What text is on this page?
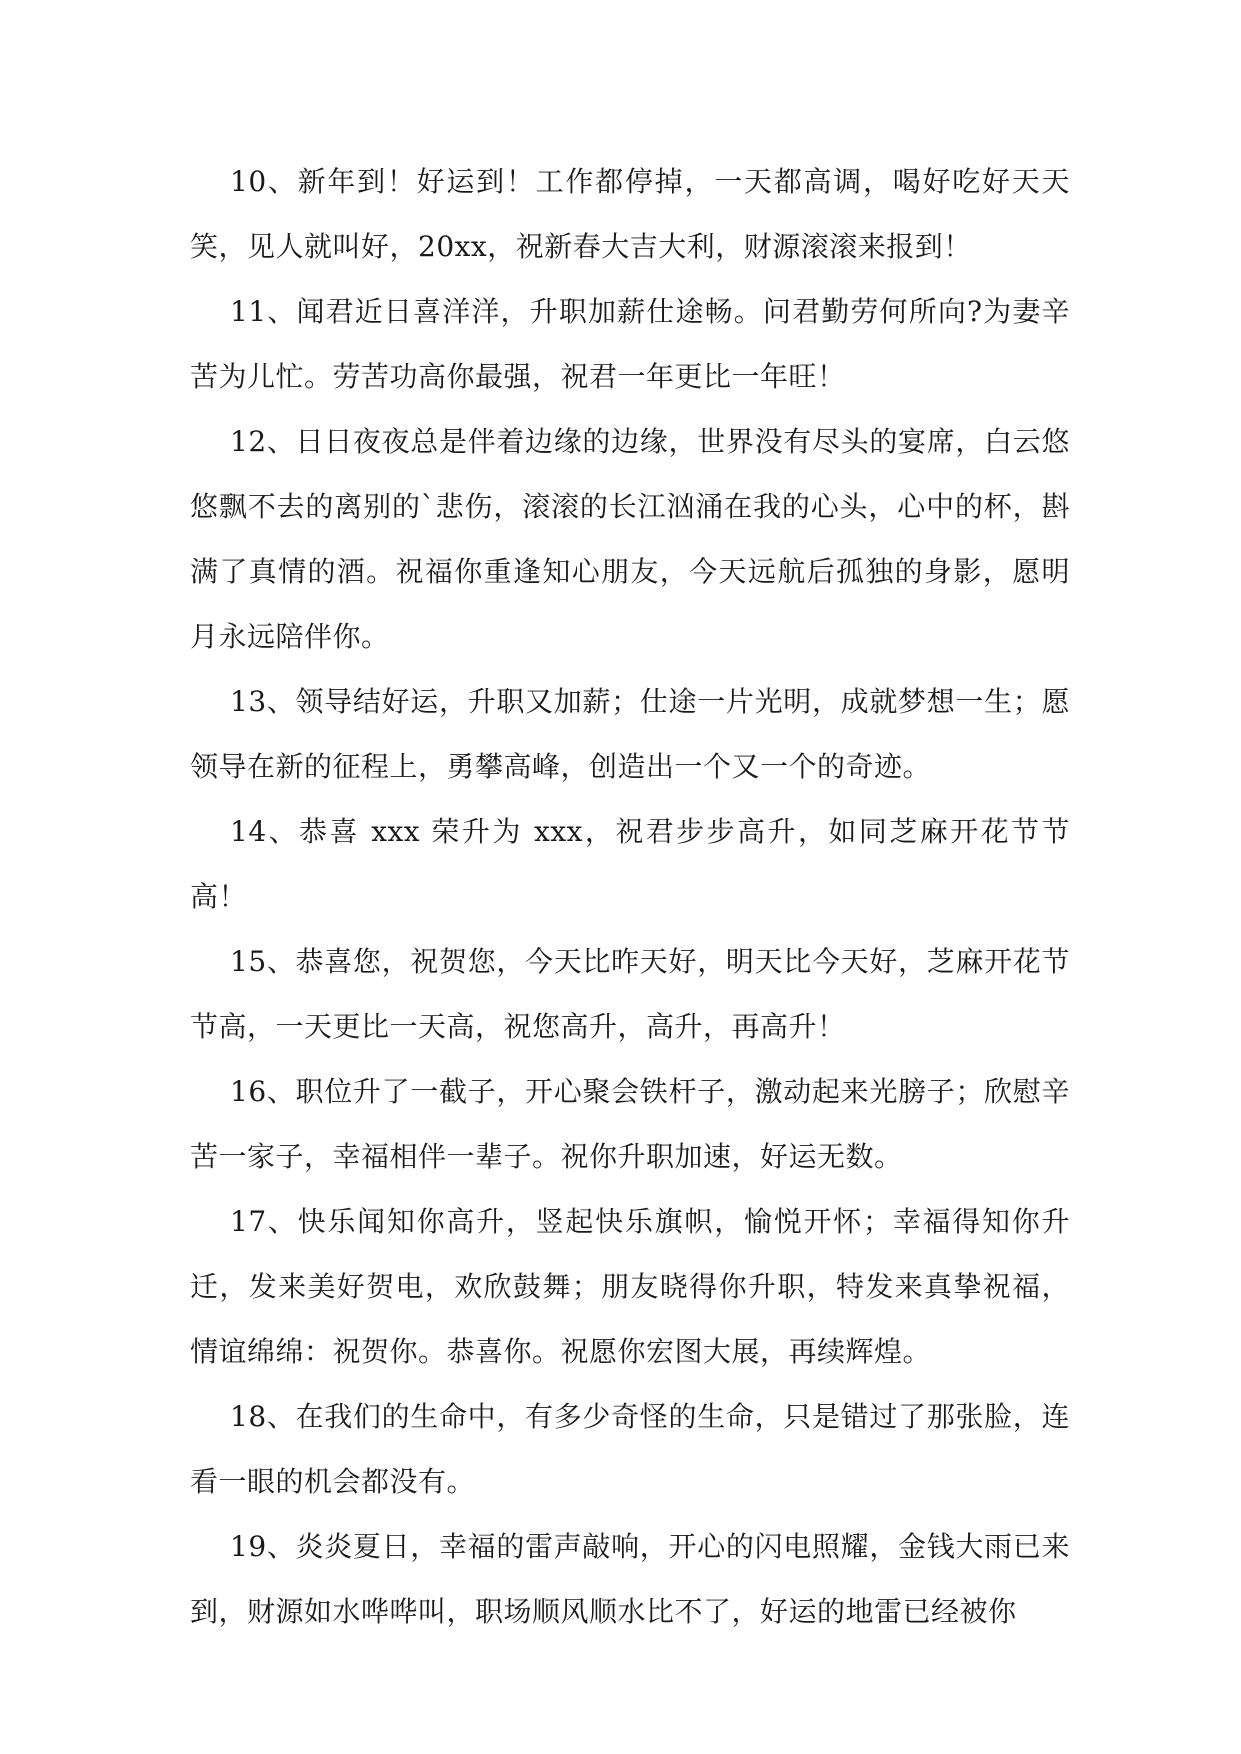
10、新年到！好运到！工作都停掉，一天都高调，喝好吃好天天笑，见人就叫好，20xx，祝新春大吉大利，财源滚滚来报到！

11、闻君近日喜洋洋，升职加薪仕途畅。问君勤劳何所向?为妻辛苦为儿忙。劳苦功高你最强，祝君一年更比一年旺！

12、日日夜夜总是伴着边缘的边缘，世界没有尽头的宴席，白云悠悠飘不去的离别的`悲伤，滚滚的长江汹涌在我的心头，心中的杯，斟满了真情的酒。祝福你重逢知心朋友，今天远航后孤独的身影，愿明月永远陪伴你。

13、领导结好运，升职又加薪；仕途一片光明，成就梦想一生；愿领导在新的征程上，勇攀高峰，创造出一个又一个的奇迹。

14、恭喜 xxx 荣升为 xxx，祝君步步高升，如同芝麻开花节节高！

15、恭喜您，祝贺您，今天比昨天好，明天比今天好，芝麻开花节节高，一天更比一天高，祝您高升，高升，再高升！

16、职位升了一截子，开心聚会铁杆子，激动起来光膀子；欣慰辛苦一家子，幸福相伴一辈子。祝你升职加速，好运无数。

17、快乐闻知你高升，竖起快乐旗帜，愉悦开怀；幸福得知你升迁，发来美好贺电，欢欣鼓舞；朋友晓得你升职，特发来真挚祝福，情谊绵绵：祝贺你。恭喜你。祝愿你宏图大展，再续辉煌。

18、在我们的生命中，有多少奇怪的生命，只是错过了那张脸，连看一眼的机会都没有。

19、炎炎夏日，幸福的雷声敲响，开心的闪电照耀，金钱大雨已来到，财源如水哗哗叫，职场顺风顺水比不了，好运的地雷已经被你
